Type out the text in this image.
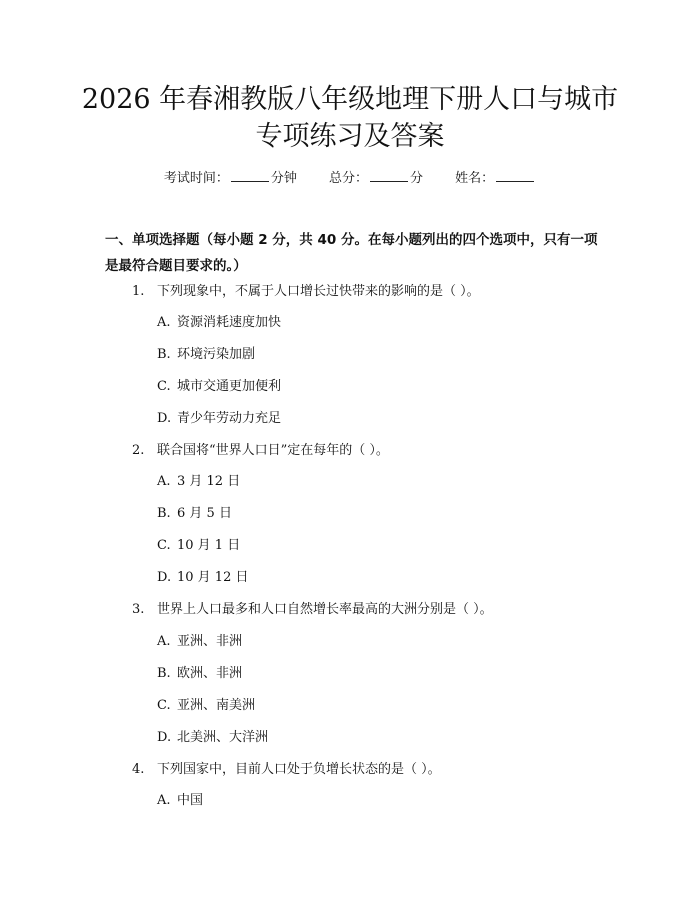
2026 年春湘教版八年级地理下册人口与城市
专项练习及答案
考试时间：	分钟 总分：	分 姓名：

一、单项选择题（每小题 2 分，共 40 分。在每小题列出的四个选项中，只有一项

是最符合题目要求的。）

1. 下列现象中，不属于人口增长过快带来的影响的是（ ）。
A. 资源消耗速度加快
B. 环境污染加剧
C. 城市交通更加便利
D. 青少年劳动力充足
2. 联合国将“世界人口日”定在每年的（ ）。
A. 3 月 12 日
B. 6 月 5 日
C. 10 月 1 日
D. 10 月 12 日
3. 世界上人口最多和人口自然增长率最高的大洲分别是（ ）。
A. 亚洲、非洲
B. 欧洲、非洲
C. 亚洲、南美洲
D. 北美洲、大洋洲
4. 下列国家中，目前人口处于负增长状态的是（ ）。
A. 中国
